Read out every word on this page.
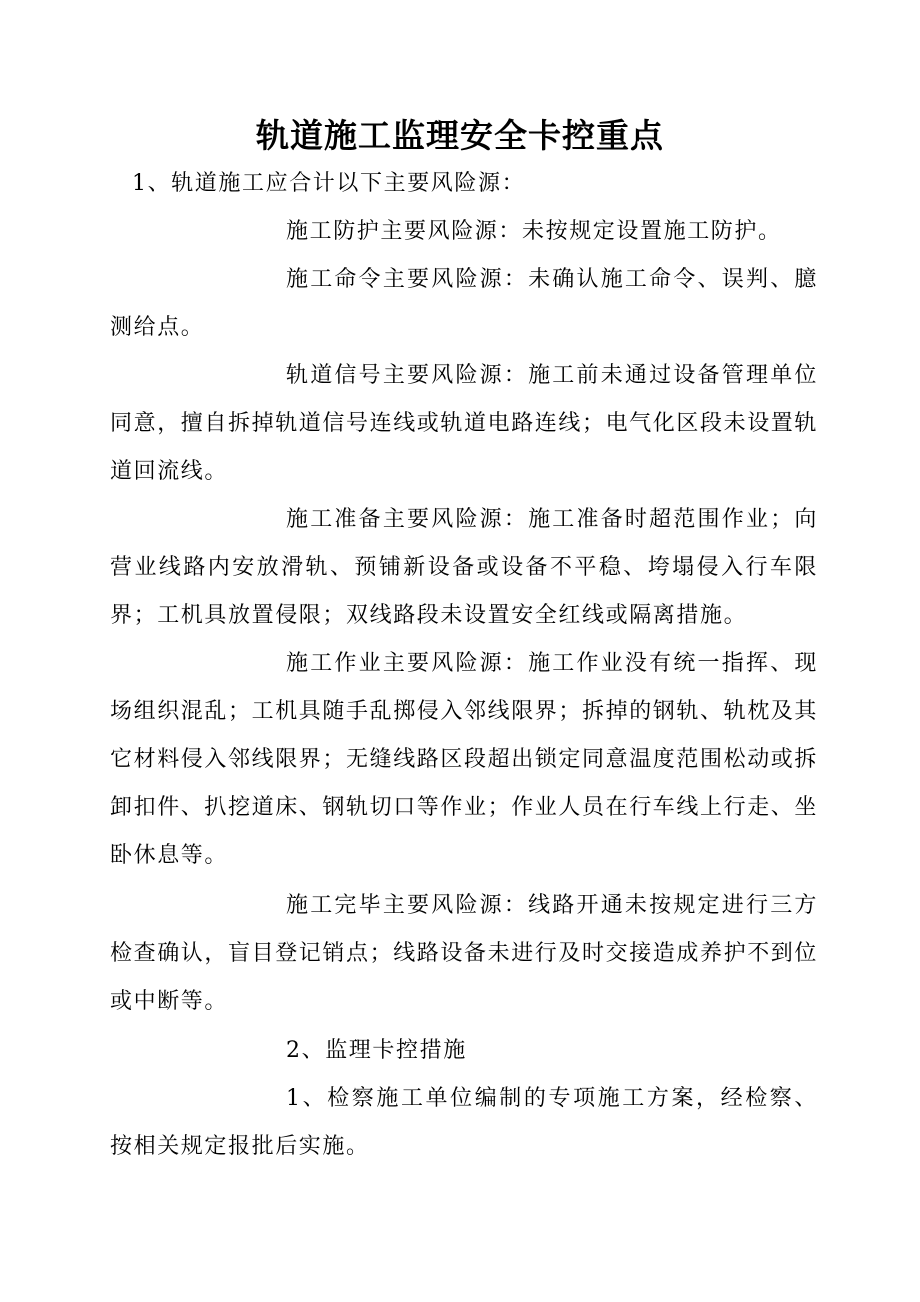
轨道施工监理安全卡控重点

1、轨道施工应合计以下主要风险源：

施工防护主要风险源：未按规定设置施工防护。

施工命令主要风险源：未确认施工命令、误判、臆测给点。

轨道信号主要风险源：施工前未通过设备管理单位同意，擅自拆掉轨道信号连线或轨道电路连线；电气化区段未设置轨道回流线。

施工准备主要风险源：施工准备时超范围作业；向营业线路内安放滑轨、预铺新设备或设备不平稳、垮塌侵入行车限界；工机具放置侵限；双线路段未设置安全红线或隔离措施。

施工作业主要风险源：施工作业没有统一指挥、现场组织混乱；工机具随手乱掷侵入邻线限界；拆掉的钢轨、轨枕及其它材料侵入邻线限界；无缝线路区段超出锁定同意温度范围松动或拆卸扣件、扒挖道床、钢轨切口等作业；作业人员在行车线上行走、坐卧休息等。

施工完毕主要风险源：线路开通未按规定进行三方检查确认，盲目登记销点；线路设备未进行及时交接造成养护不到位或中断等。

2、监理卡控措施

1、检察施工单位编制的专项施工方案，经检察、按相关规定报批后实施。
